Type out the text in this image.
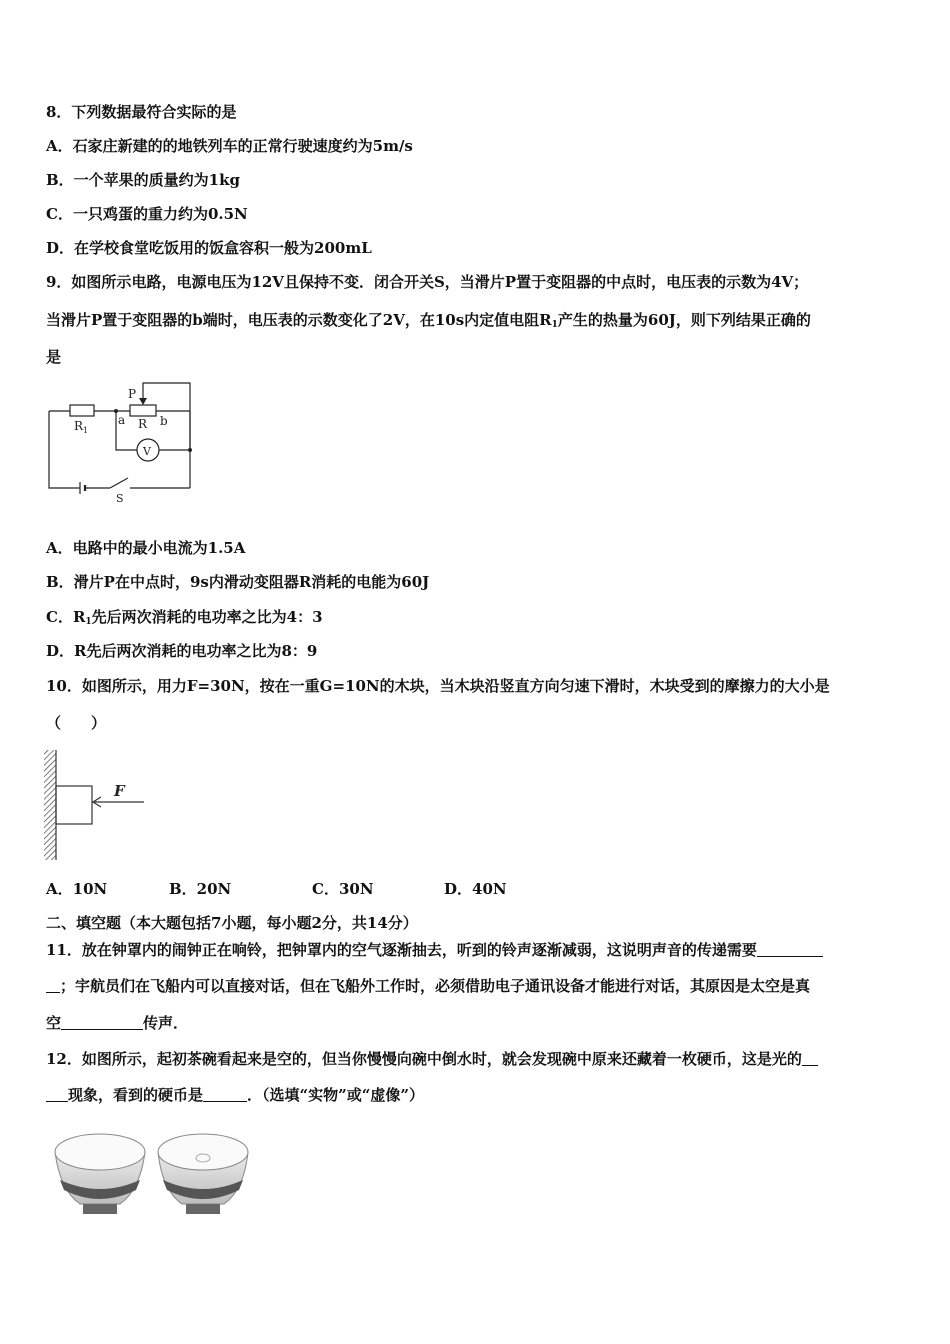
8．下列数据最符合实际的是
A．石家庄新建的的地铁列车的正常行驶速度约为5m/s
B．一个苹果的质量约为1kg
C．一只鸡蛋的重力约为0.5N
D．在学校食堂吃饭用的饭盒容积一般为200mL
9．如图所示电路，电源电压为12V且保持不变．闭合开关S，当滑片P置于变阻器的中点时，电压表的示数为4V；
当滑片P置于变阻器的b端时，电压表的示数变化了2V，在10s内定值电阻$R_1$产生的热量为60J，则下列结果正确的
是
P
$R_1$
a R b
V
S
A．电路中的最小电流为1.5A
B．滑片P在中点时，9s内滑动变阻器R消耗的电能为60J
C．$R_1$先后两次消耗的电功率之比为4：3
D．R先后两次消耗的电功率之比为8：9
10．如图所示，用力F=30N，按在一重G=10N的木块，当木块沿竖直方向匀速下滑时，木块受到的摩擦力的大小是
（　　）
F
A．10N	B．20N	C．30N	D．40N
二、填空题（本大题包括7小题，每小题2分，共14分）
11．放在钟罩内的闹钟正在响铃，把钟罩内的空气逐渐抽去，听到的铃声逐渐减弱，这说明声音的传递需要
；宇航员们在飞船内可以直接对话，但在飞船外工作时，必须借助电子通讯设备才能进行对话，其原因是太空是真
空	传声．
12．如图所示，起初茶碗看起来是空的，但当你慢慢向碗中倒水时，就会发现碗中原来还藏着一枚硬币，这是光的
现象，看到的硬币是	．（选填“实物”或“虚像”）
